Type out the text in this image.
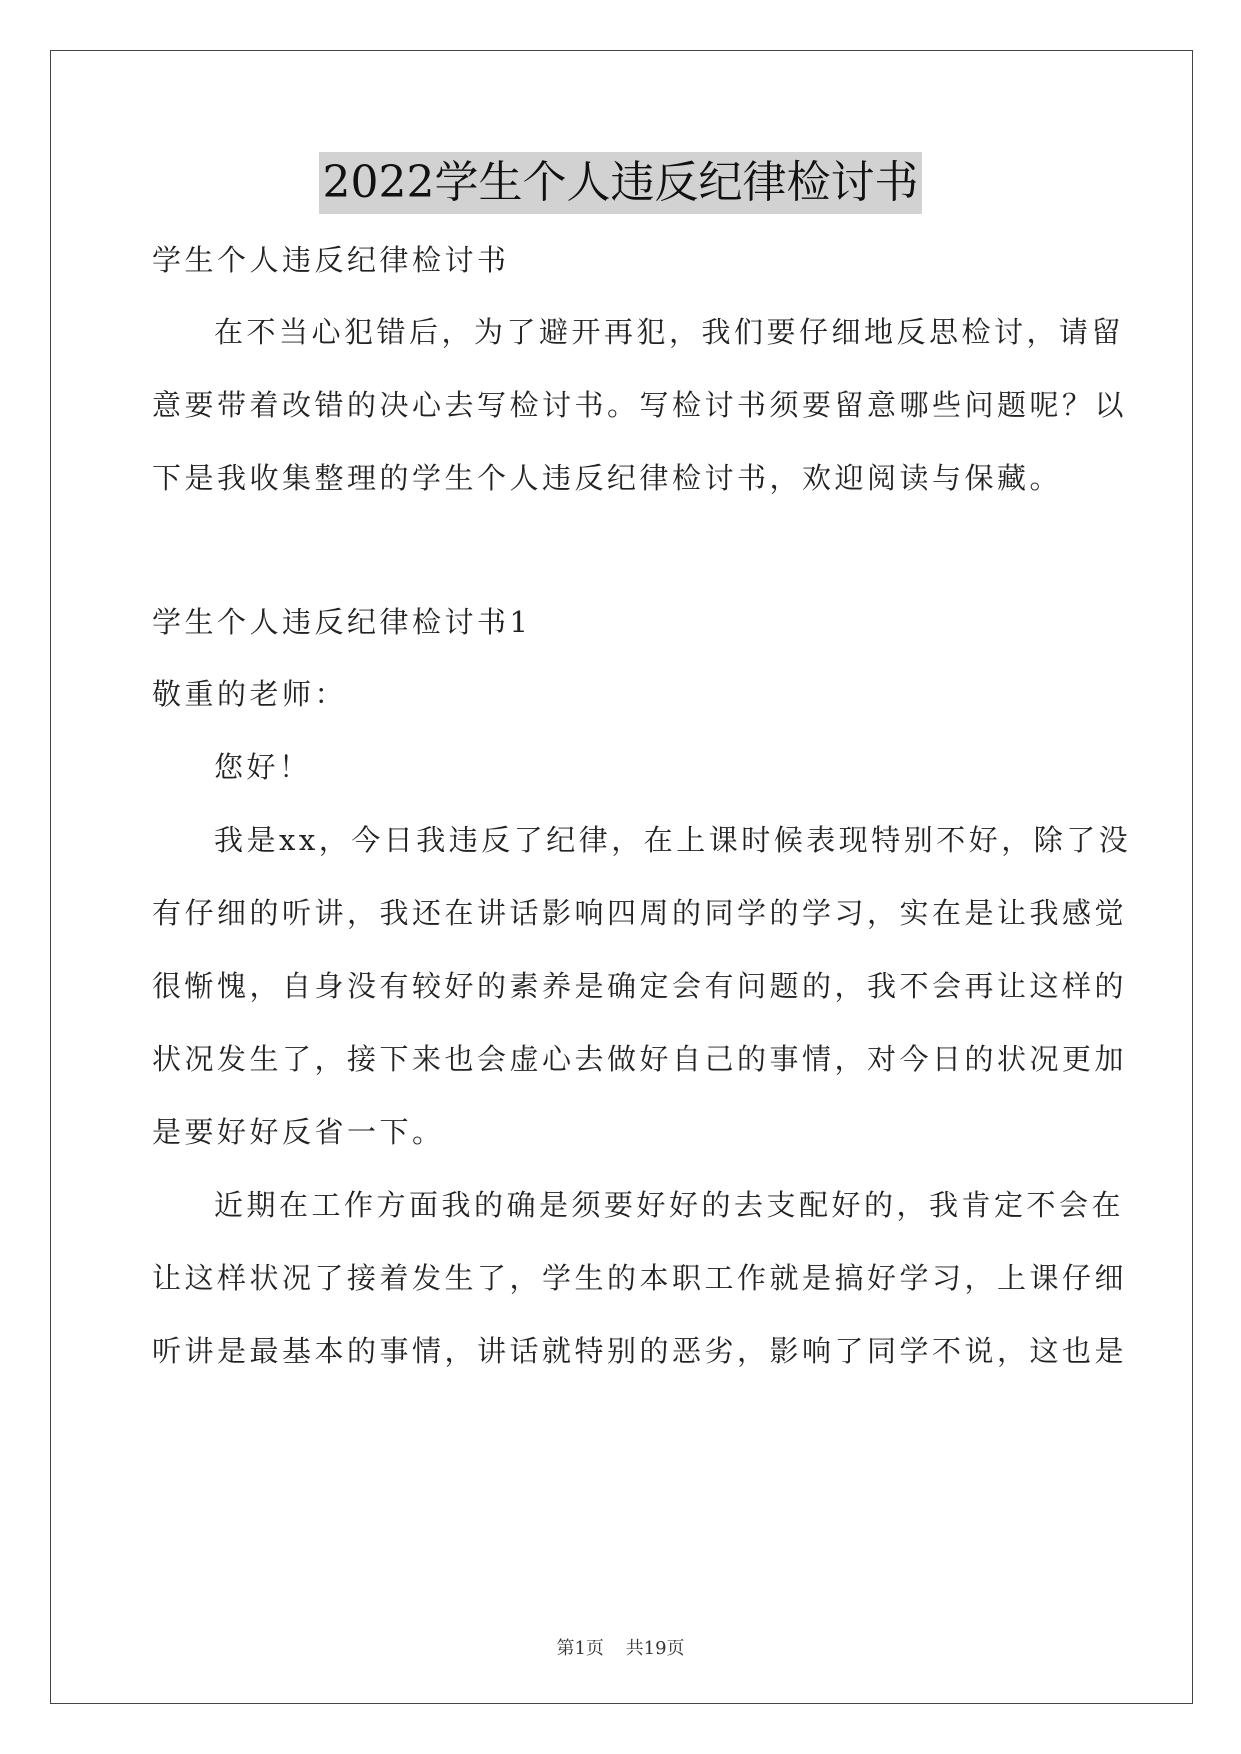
2022学生个人违反纪律检讨书
学生个人违反纪律检讨书
在不当心犯错后，为了避开再犯，我们要仔细地反思检讨，请留
意要带着改错的决心去写检讨书。写检讨书须要留意哪些问题呢？以
下是我收集整理的学生个人违反纪律检讨书，欢迎阅读与保藏。
学生个人违反纪律检讨书1
敬重的老师：
您好！
我是xx，今日我违反了纪律，在上课时候表现特别不好，除了没
有仔细的听讲，我还在讲话影响四周的同学的学习，实在是让我感觉
很惭愧，自身没有较好的素养是确定会有问题的，我不会再让这样的
状况发生了，接下来也会虚心去做好自己的事情，对今日的状况更加
是要好好反省一下。
近期在工作方面我的确是须要好好的去支配好的，我肯定不会在
让这样状况了接着发生了，学生的本职工作就是搞好学习，上课仔细
听讲是最基本的事情，讲话就特别的恶劣，影响了同学不说，这也是
第1页 共19页
